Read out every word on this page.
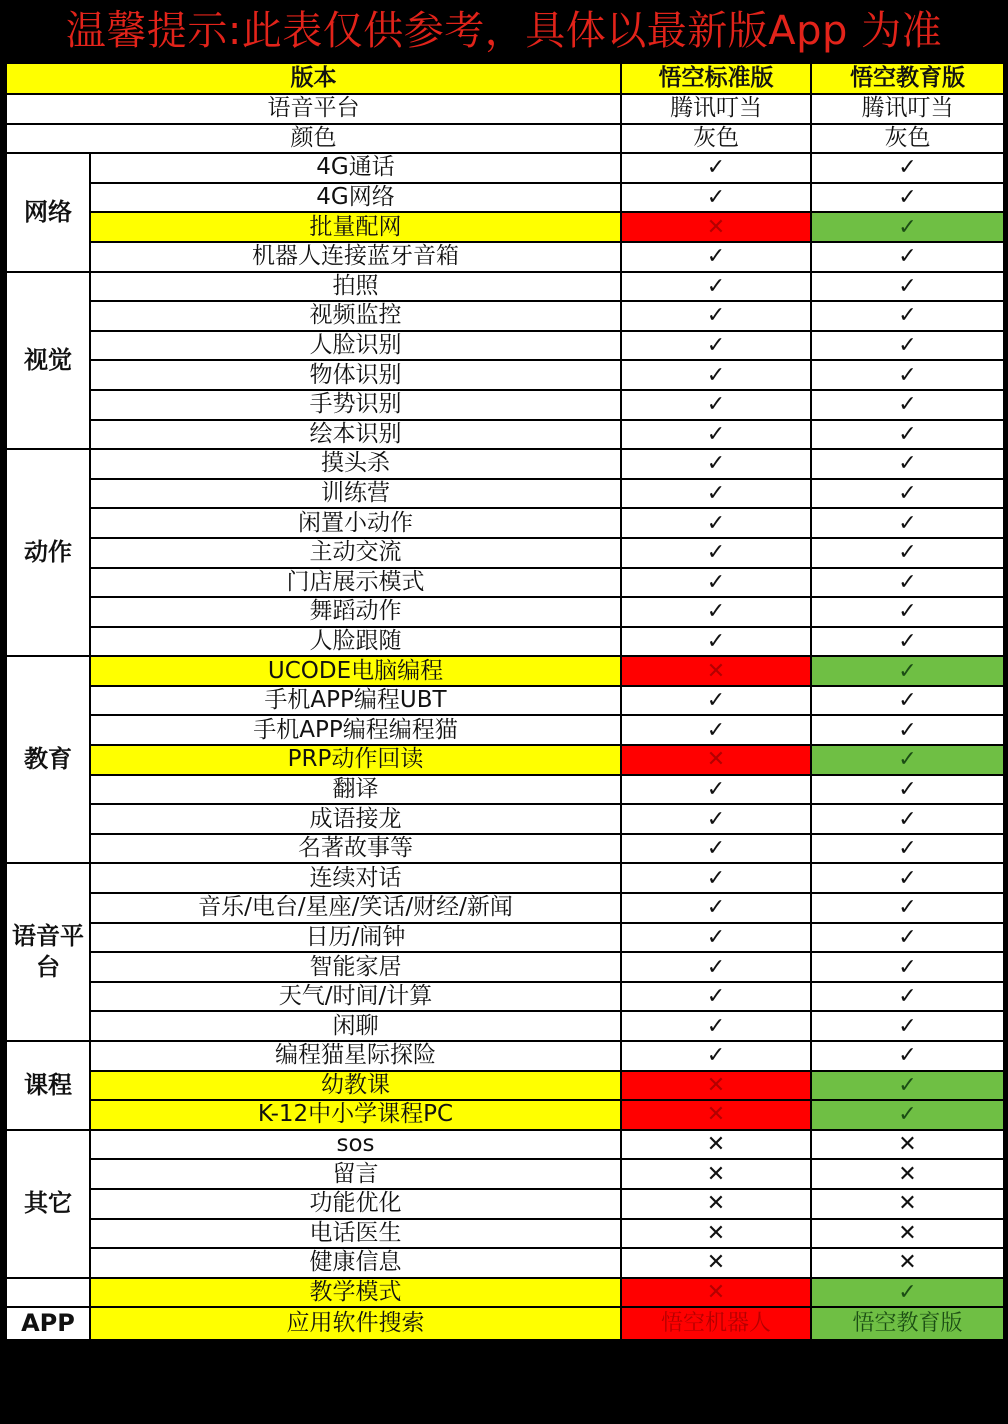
温馨提示:此表仅供参考，具体以最新版App 为准
版本		悟空标准版	悟空教育版
语音平台		腾讯叮当	腾讯叮当
颜色		灰色	灰色
网络	4G通话	✓	✓
	4G网络	✓	✓
	批量配网	✕	✓
	机器人连接蓝牙音箱	✓	✓
视觉	拍照	✓	✓
	视频监控	✓	✓
	人脸识别	✓	✓
	物体识别	✓	✓
	手势识别	✓	✓
	绘本识别	✓	✓
动作	摸头杀	✓	✓
	训练营	✓	✓
	闲置小动作	✓	✓
	主动交流	✓	✓
	门店展示模式	✓	✓
	舞蹈动作	✓	✓
	人脸跟随	✓	✓
教育	UCODE电脑编程	✕	✓
	手机APP编程UBT	✓	✓
	手机APP编程编程猫	✓	✓
	PRP动作回读	✕	✓
	翻译	✓	✓
	成语接龙	✓	✓
	名著故事等	✓	✓
语音平台	连续对话	✓	✓
	音乐/电台/星座/笑话/财经/新闻	✓	✓
	日历/闹钟	✓	✓
	智能家居	✓	✓
	天气/时间/计算	✓	✓
	闲聊	✓	✓
课程	编程猫星际探险	✓	✓
	幼教课	✕	✓
	K-12中小学课程PC	✕	✓
其它	sos	✕	✕
	留言	✕	✕
	功能优化	✕	✕
	电话医生	✕	✕
	健康信息	✕	✕
	教学模式	✕	✓
APP	应用软件搜索	悟空机器人	悟空教育版
